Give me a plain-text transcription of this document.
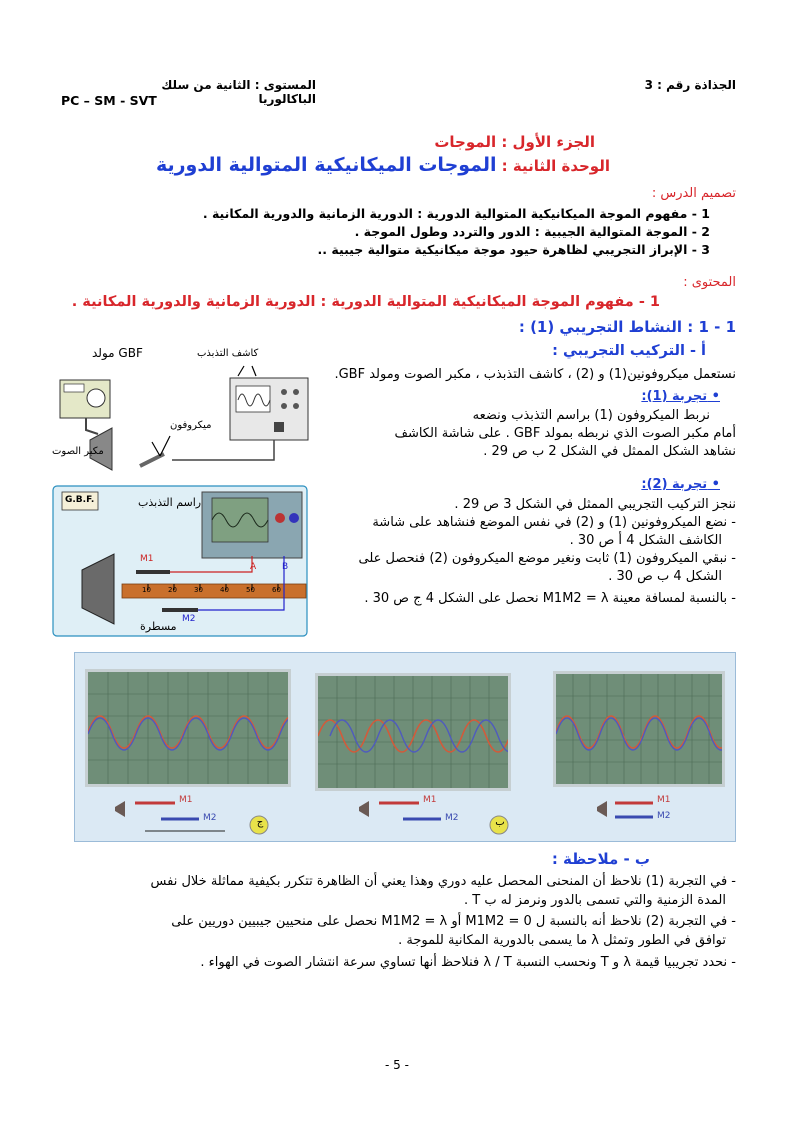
الجذاذة رقم : 3
المستوى : الثانية من سلك الباكالوريا
PC – SM - SVT
الجزء الأول : الموجات
الوحدة الثانية : الموجات الميكانيكية المتوالية الدورية
تصميم الدرس :
1 - مفهوم الموجة الميكانيكية المتوالية الدورية : الدورية الزمانية والدورية المكانية .
2 - الموجة المتوالية الجيبية : الدور والتردد وطول الموجة .
3 - الإبراز التجريبي لظاهرة حيود موجة ميكانيكية متوالية جيبية ..
المحتوى :
1 - مفهوم الموجة الميكانيكية المتوالية الدورية : الدورية الزمانية والدورية المكانية .
1 - 1 : النشاط التجريبي (1) :
أ - التركيب التجريبي :
نستعمل ميكروفونين(1) و (2) ، كاشف التذبذب ، مكبر الصوت ومولد GBF.
• تجربة (1):
نربط الميكروفون (1) براسم التذبذب ونضعه
أمام مكبر الصوت الذي نربطه بمولد GBF . على شاشة الكاشف
نشاهد الشكل الممثل في الشكل 2 ب ص 29 .
• تجربة (2):
ننجز التركيب التجريبي الممثل في الشكل 3 ص 29 .
- نضع الميكروفونين (1) و (2) في نفس الموضع فنشاهد على شاشة
الكاشف الشكل 4 أ ص 30 .
- نبقي الميكروفون (1) ثابت ونغير موضع الميكروفون (2) فنحصل على
الشكل 4 ب ص 30 .
- بالنسبة لمسافة معينة M1M2 = λ نحصل على الشكل 4 ج ص 30 .
مولد GBF	كاشف التذبذب
ميكروفون
مكبر الصوت
G.B.F.	راسم التذبذب
مسطرة
M1
M2
A	B
10 20 30 40 50 60
ج	ب
M1
M2
M1
M2
M1
M2
ب - ملاحظة :
- في التجربة (1) نلاحظ أن المنحنى المحصل عليه دوري وهذا يعني أن الظاهرة تتكرر بكيفية مماثلة خلال نفس
المدة الزمنية والتي تسمى بالدور ونرمز له ب T .
- في التجربة (2) نلاحظ أنه بالنسبة ل M1M2 = 0 أو M1M2 = λ نحصل على منحيين جيبيين دوريين على
توافق في الطور وتمثل λ ما يسمى بالدورية المكانية للموجة .
- نحدد تجريبيا قيمة λ و T ونحسب النسبة λ / T فنلاحظ أنها تساوي سرعة انتشار الصوت في الهواء .
- 5 -
